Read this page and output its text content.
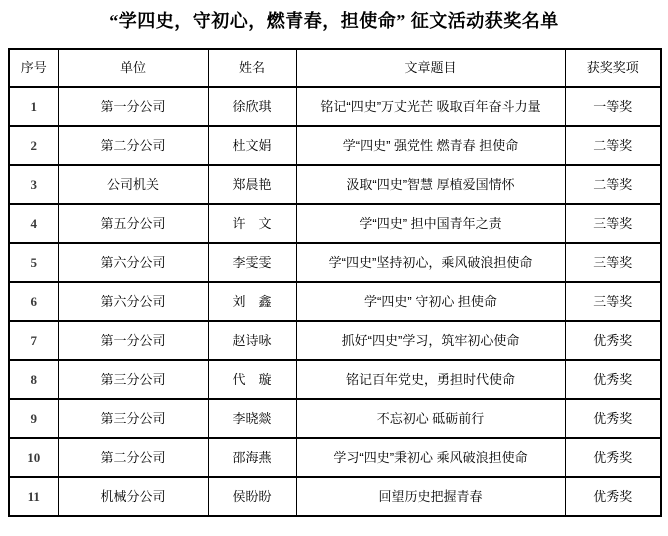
“学四史，守初心，燃青春，担使命” 征文活动获奖名单
序号	单位	姓名	文章题目	获奖奖项
1	第一分公司	徐欣琪	铭记“四史”万丈光芒 吸取百年奋斗力量	一等奖
2	第二分公司	杜文娟	学“四史” 强党性 燃青春 担使命	二等奖
3	公司机关	郑晨艳	汲取“四史”智慧 厚植爱国情怀	二等奖
4	第五分公司	许　文	学“四史” 担中国青年之责	三等奖
5	第六分公司	李雯雯	学“四史”坚持初心，乘风破浪担使命	三等奖
6	第六分公司	刘　鑫	学“四史” 守初心 担使命	三等奖
7	第一分公司	赵诗咏	抓好“四史”学习，筑牢初心使命	优秀奖
8	第三分公司	代　璇	铭记百年党史，勇担时代使命	优秀奖
9	第三分公司	李晓燚	不忘初心 砥砺前行	优秀奖
10	第二分公司	邵海燕	学习“四史”秉初心 乘风破浪担使命	优秀奖
11	机械分公司	侯盼盼	回望历史把握青春	优秀奖
